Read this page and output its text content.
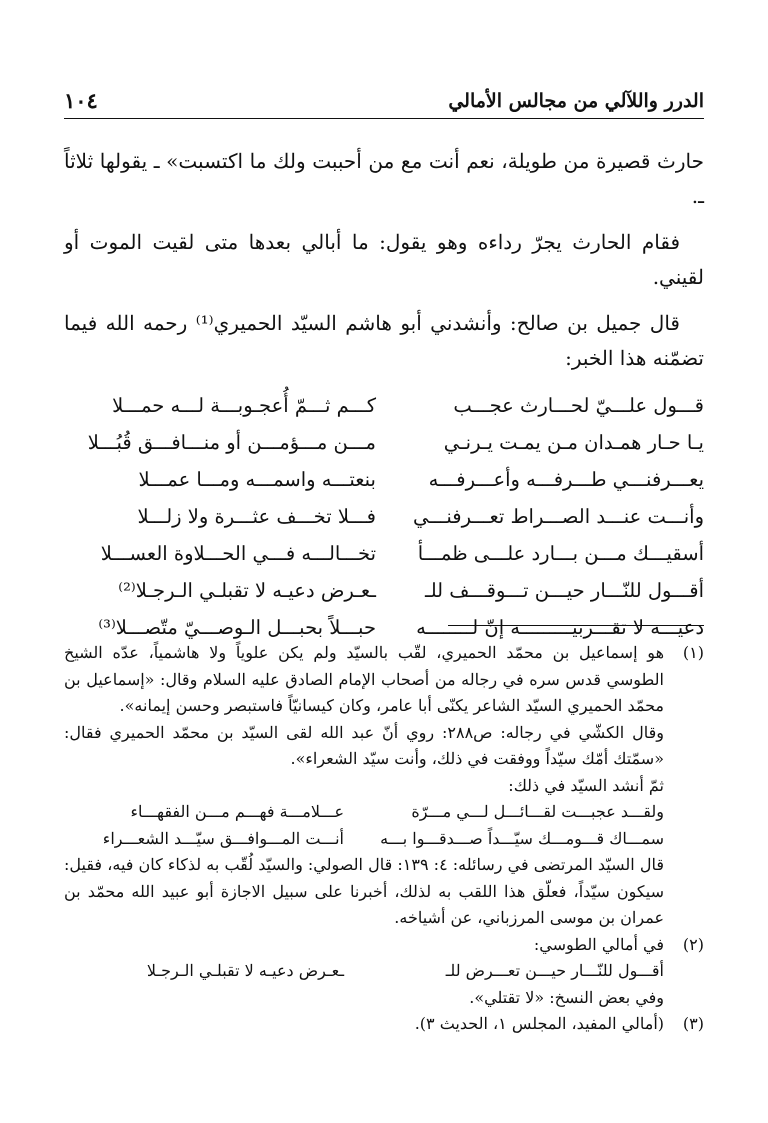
الدرر واللآلي من مجالس الأمالي
١٠٤

حارث قصيرة من طويلة، نعم أنت مع من أحببت ولك ما اكتسبت» ـ يقولها ثلاثاً ـ.

فقام الحارث يجرّ رداءه وهو يقول: ما أبالي بعدها متى لقيت الموت أو لقيني.

قال جميل بن صالح: وأنشدني أبو هاشم السيّد الحميري⁽¹⁾ رحمه الله فيما تضمّنه هذا الخبر:

قـــول علـــيّ لحـــارث عجـــب
كـــم ثـــمّ أُعجـوبـــة لـــه حمـــلا
يـا حـار همـدان مـن يمـت يـرنـي
مـــن مـــؤمـــن أو منـــافـــق قُبُـــلا
يعـــرفنـــي طـــرفـــه وأعـــرفـــه
بنعتـــه واسمـــه ومـــا عمـــلا
وأنـــت عنـــد الصـــراط تعـــرفنـــي
فـــلا تخـــف عثـــرة ولا زلـــلا
أسقيـــك مـــن بـــارد علـــى ظمـــأ
تخـــالـــه فـــي الحـــلاوة العســـلا
أقـــول للنّـــار حيـــن تـــوقـــف للـ
ـعـرض دعيـه لا تقبلـي الـرجـلا⁽²⁾
دعيـــه لا تقـــربيـــــــــه إنّ لــــــــه
حبـــلاً بحبـــل الـوصـــيّ متّصـــلا⁽³⁾
(١)

هو إسماعيل بن محمّد الحميري، لقّب بالسيّد ولم يكن علوياً ولا هاشمياً، عدّه الشيخ الطوسي قدس سره في رجاله من أصحاب الإمام الصادق عليه السلام وقال: «إسماعيل بن محمّد الحميري السيّد الشاعر يكنّى أبا عامر، وكان كيسانيّاً فاستبصر وحسن إيمانه».

وقال الكشّي في رجاله: ص٢٨٨: روي أنّ عبد الله لقى السيّد بن محمّد الحميري فقال: «سمّتك أمّك سيّداً ووفقت في ذلك، وأنت سيّد الشعراء».

ثمّ أنشد السيّد في ذلك:

ولقـــد عجبـــت لقـــائـــل لـــي مـــرّة
عـــلامـــة فهـــم مـــن الفقهـــاء
سمـــاك قـــومـــك سيّـــداً صـــدقـــوا بـــه
أنـــت المـــوافـــق سيّـــد الشعـــراء

قال السيّد المرتضى في رسائله: ٤: ١٣٩: قال الصولي: والسيّد لُقّب به لذكاء كان فيه، فقيل: سيكون سيّداً، فعلّق هذا اللقب به لذلك، أخبرنا على سبيل الاجازة أبو عبيد الله محمّد بن عمران بن موسى المرزباني، عن أشياخه.

(٢)

في أمالي الطوسي:

أقـــول للنّـــار حيـــن تعـــرض للـ
ـعـرض دعيـه لا تقبلـي الـرجـلا

وفي بعض النسخ: «لا تقتلي».

(٣)

(أمالي المفيد، المجلس ١، الحديث ٣).
